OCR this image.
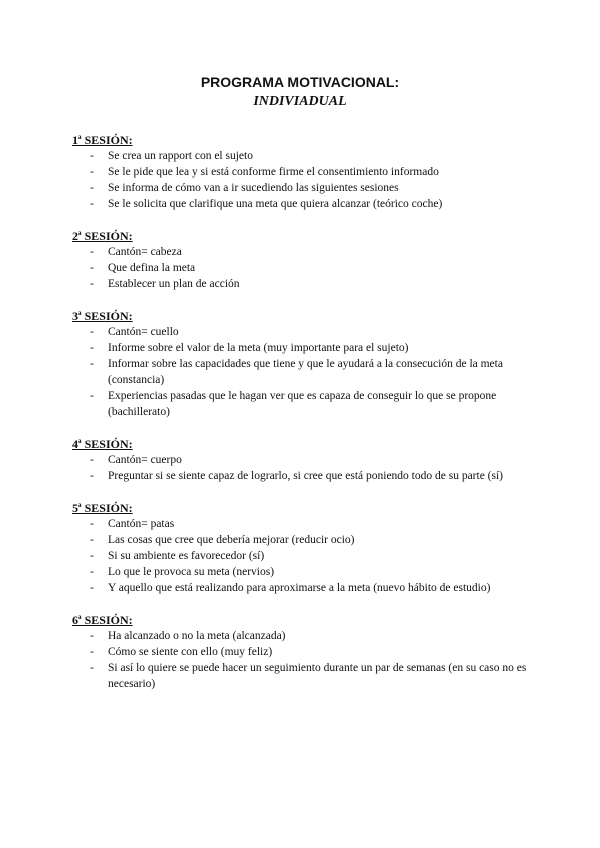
PROGRAMA MOTIVACIONAL:
INDIVIADUAL

1ª SESIÓN:

- Se crea un rapport con el sujeto
- Se le pide que lea y si está conforme firme el consentimiento informado
- Se informa de cómo van a ir sucediendo las siguientes sesiones
- Se le solicita que clarifique una meta que quiera alcanzar (teórico coche)

2ª SESIÓN:

- Cantón= cabeza
- Que defina la meta
- Establecer un plan de acción

3ª SESIÓN:

- Cantón= cuello
- Informe sobre el valor de la meta (muy importante para el sujeto)
- Informar sobre las capacidades que tiene y que le ayudará a la consecución de la meta (constancia)
- Experiencias pasadas que le hagan ver que es capaza de conseguir lo que se propone (bachillerato)

4ª SESIÓN:

- Cantón= cuerpo
- Preguntar si se siente capaz de lograrlo, si cree que está poniendo todo de su parte (sí)

5ª SESIÓN:

- Cantón= patas
- Las cosas que cree que debería mejorar (reducir ocio)
- Si su ambiente es favorecedor (sí)
- Lo que le provoca su meta (nervios)
- Y aquello que está realizando para aproximarse a la meta (nuevo hábito de estudio)

6ª SESIÓN:

- Ha alcanzado o no la meta (alcanzada)
- Cómo se siente con ello (muy feliz)
- Si así lo quiere se puede hacer un seguimiento durante un par de semanas (en su caso no es necesario)
